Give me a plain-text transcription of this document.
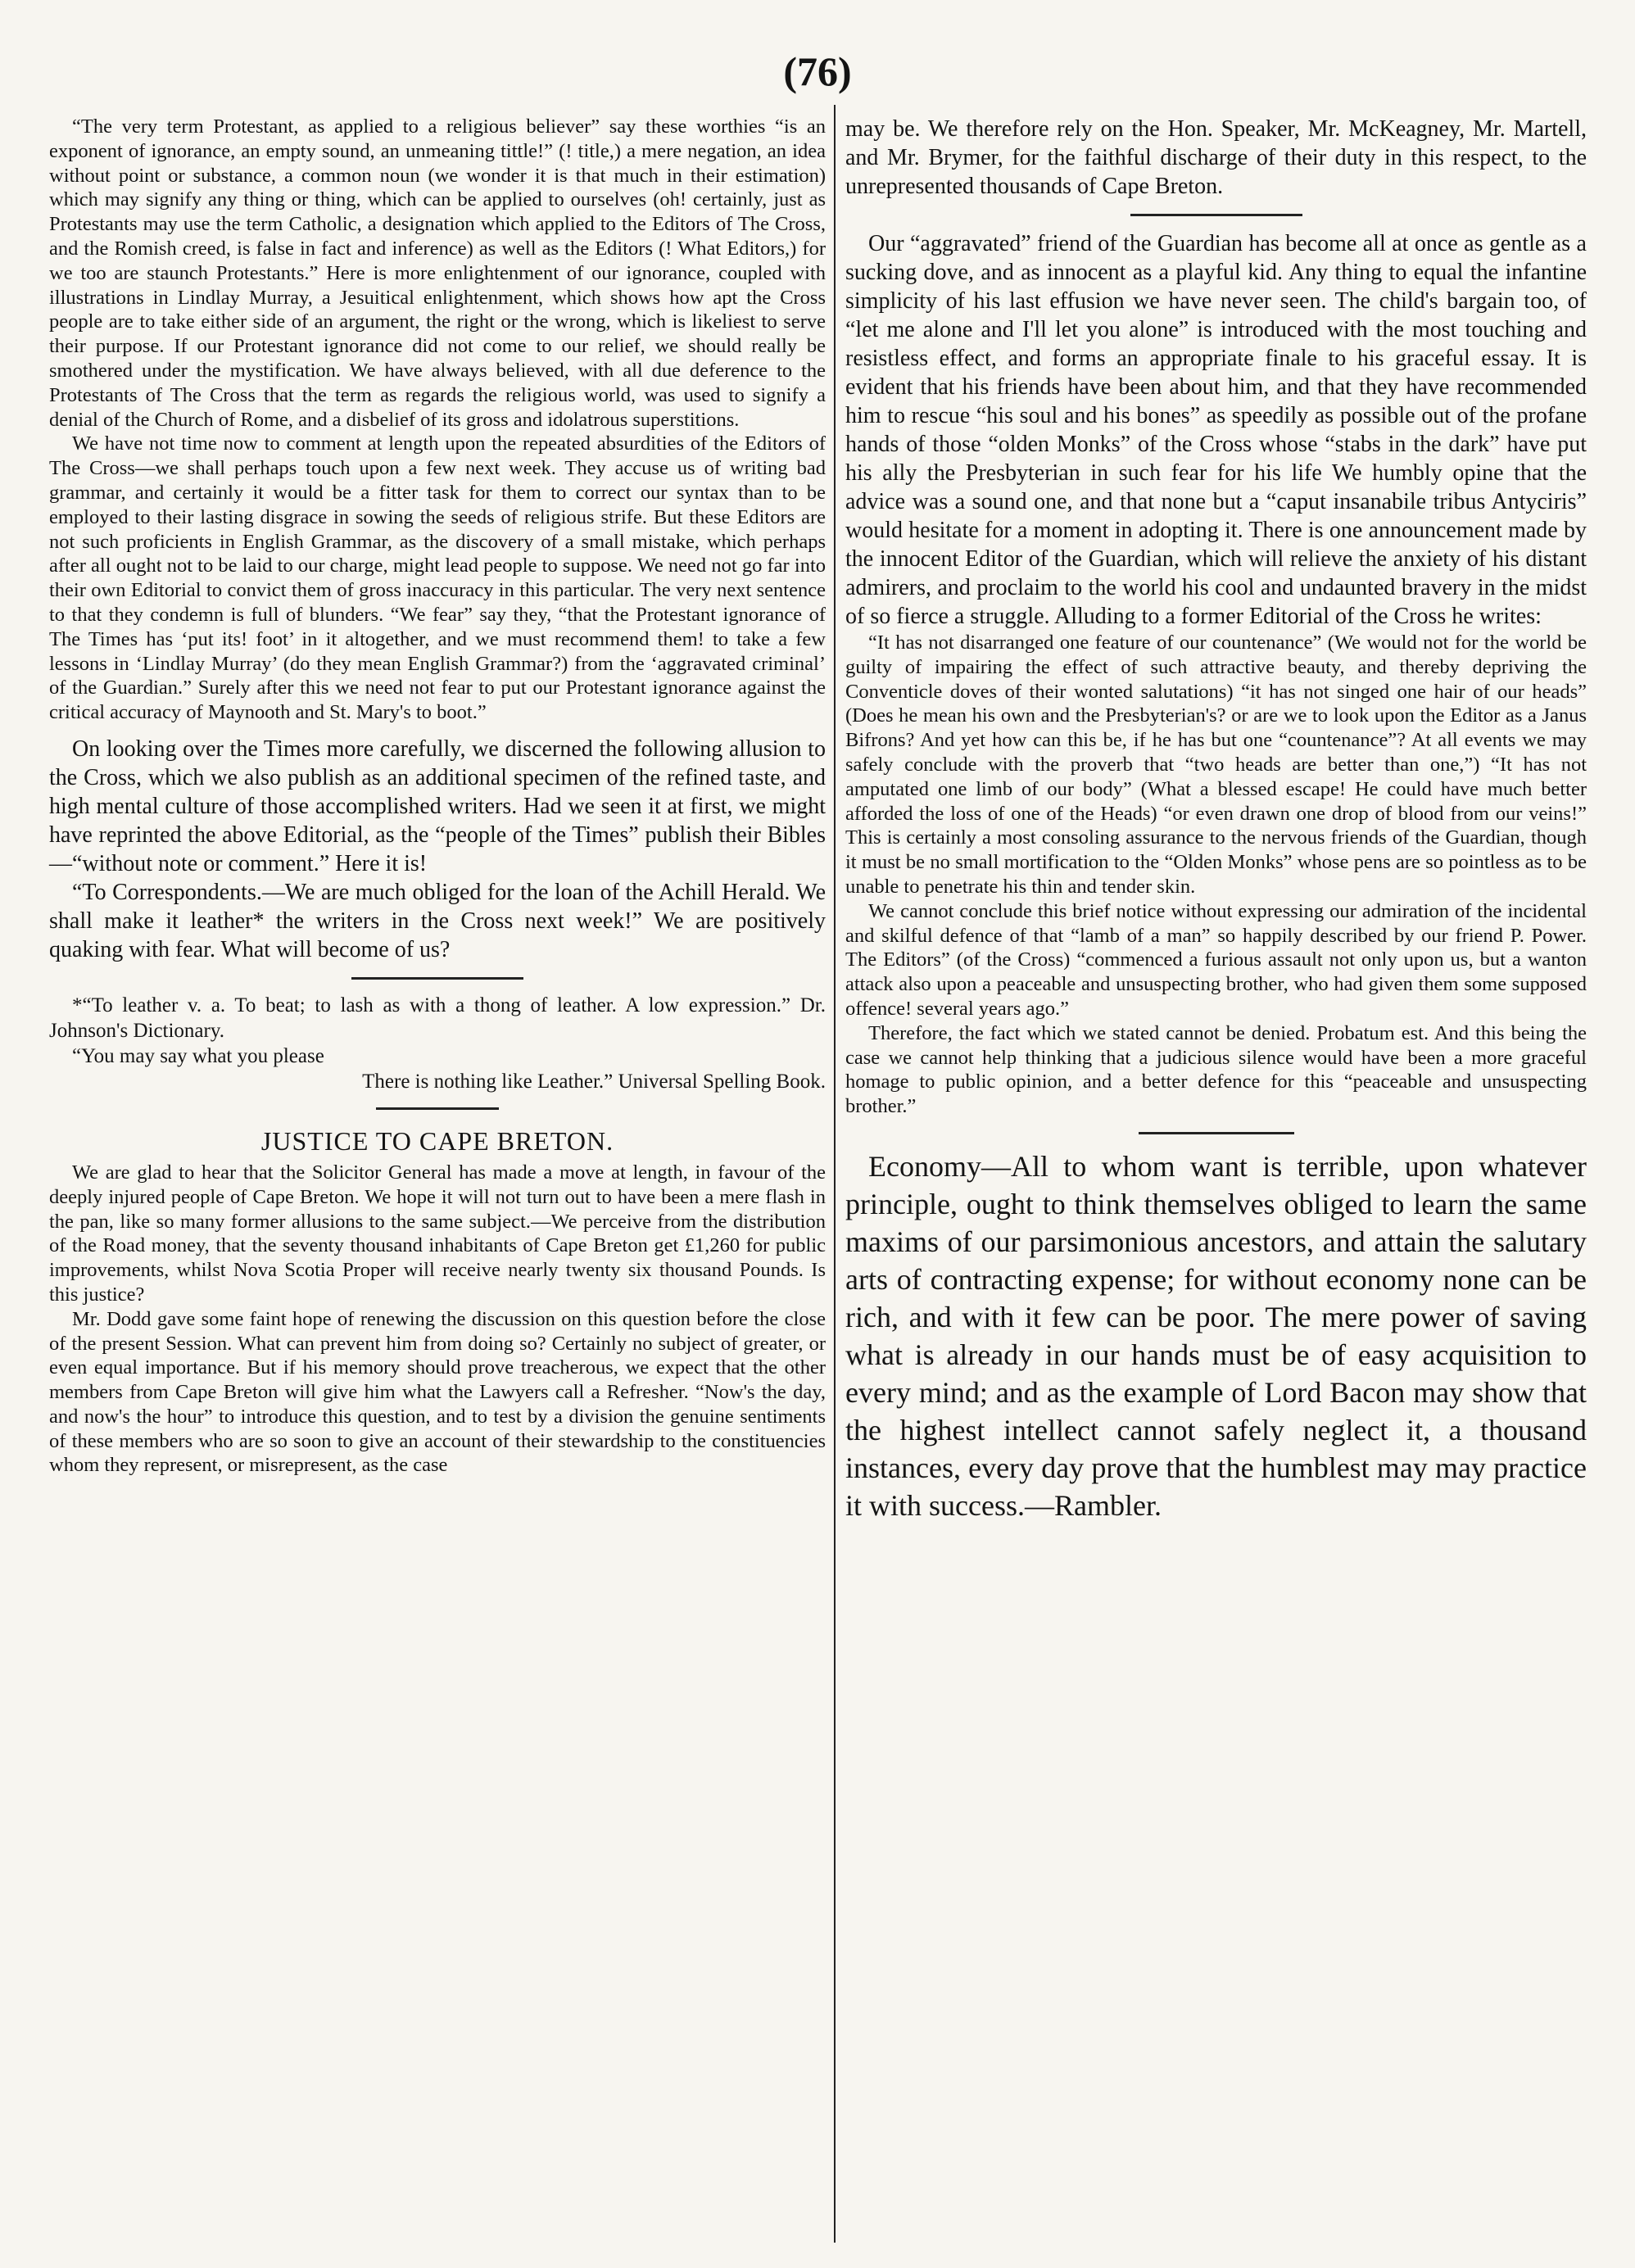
(76)

“The very term Protestant, as applied to a religious believer” say these worthies “is an exponent of ignorance, an empty sound, an unmeaning tittle!” (! title,) a mere negation, an idea without point or substance, a common noun (we wonder it is that much in their estimation) which may signify any thing or thing, which can be applied to ourselves (oh! certainly, just as Protestants may use the term Catholic, a designation which applied to the Editors of The Cross, and the Romish creed, is false in fact and inference) as well as the Editors (! What Editors,) for we too are staunch Protestants.” Here is more enlightenment of our ignorance, coupled with illustrations in Lindlay Murray, a Jesuitical enlightenment, which shows how apt the Cross people are to take either side of an argument, the right or the wrong, which is likeliest to serve their purpose. If our Protestant ignorance did not come to our relief, we should really be smothered under the mystification. We have always believed, with all due deference to the Protestants of The Cross that the term as regards the religious world, was used to signify a denial of the Church of Rome, and a disbelief of its gross and idolatrous superstitions.

We have not time now to comment at length upon the repeated absurdities of the Editors of The Cross—we shall perhaps touch upon a few next week. They accuse us of writing bad grammar, and certainly it would be a fitter task for them to correct our syntax than to be employed to their lasting disgrace in sowing the seeds of religious strife. But these Editors are not such proficients in English Grammar, as the discovery of a small mistake, which perhaps after all ought not to be laid to our charge, might lead people to suppose. We need not go far into their own Editorial to convict them of gross inaccuracy in this particular. The very next sentence to that they condemn is full of blunders. “We fear” say they, “that the Protestant ignorance of The Times has ‘put its! foot’ in it altogether, and we must recommend them! to take a few lessons in ‘Lindlay Murray’ (do they mean English Grammar?) from the ‘aggravated criminal’ of the Guardian.” Surely after this we need not fear to put our Protestant ignorance against the critical accuracy of Maynooth and St. Mary's to boot.”

On looking over the Times more carefully, we discerned the following allusion to the Cross, which we also publish as an additional specimen of the refined taste, and high mental culture of those accomplished writers. Had we seen it at first, we might have reprinted the above Editorial, as the “people of the Times” publish their Bibles—“without note or comment.” Here it is!

“To Correspondents.—We are much obliged for the loan of the Achill Herald. We shall make it leather* the writers in the Cross next week!” We are positively quaking with fear. What will become of us?

*“To leather v. a. To beat; to lash as with a thong of leather. A low expression.” Dr. Johnson's Dictionary.

“You may say what you please

There is nothing like Leather.” Universal Spelling Book.

JUSTICE TO CAPE BRETON.

We are glad to hear that the Solicitor General has made a move at length, in favour of the deeply injured people of Cape Breton. We hope it will not turn out to have been a mere flash in the pan, like so many former allusions to the same subject.—We perceive from the distribution of the Road money, that the seventy thousand inhabitants of Cape Breton get £1,260 for public improvements, whilst Nova Scotia Proper will receive nearly twenty six thousand Pounds. Is this justice?

Mr. Dodd gave some faint hope of renewing the discussion on this question before the close of the present Session. What can prevent him from doing so? Certainly no subject of greater, or even equal importance. But if his memory should prove treacherous, we expect that the other members from Cape Breton will give him what the Lawyers call a Refresher. “Now's the day, and now's the hour” to introduce this question, and to test by a division the genuine sentiments of these members who are so soon to give an account of their stewardship to the constituencies whom they represent, or misrepresent, as the case

may be. We therefore rely on the Hon. Speaker, Mr. McKeagney, Mr. Martell, and Mr. Brymer, for the faithful discharge of their duty in this respect, to the unrepresented thousands of Cape Breton.

Our “aggravated” friend of the Guardian has become all at once as gentle as a sucking dove, and as innocent as a playful kid. Any thing to equal the infantine simplicity of his last effusion we have never seen. The child's bargain too, of “let me alone and I'll let you alone” is introduced with the most touching and resistless effect, and forms an appropriate finale to his graceful essay. It is evident that his friends have been about him, and that they have recommended him to rescue “his soul and his bones” as speedily as possible out of the profane hands of those “olden Monks” of the Cross whose “stabs in the dark” have put his ally the Presbyterian in such fear for his life We humbly opine that the advice was a sound one, and that none but a “caput insanabile tribus Antyciris” would hesitate for a moment in adopting it. There is one announcement made by the innocent Editor of the Guardian, which will relieve the anxiety of his distant admirers, and proclaim to the world his cool and undaunted bravery in the midst of so fierce a struggle. Alluding to a former Editorial of the Cross he writes:

“It has not disarranged one feature of our countenance” (We would not for the world be guilty of impairing the effect of such attractive beauty, and thereby depriving the Conventicle doves of their wonted salutations) “it has not singed one hair of our heads” (Does he mean his own and the Presbyterian's? or are we to look upon the Editor as a Janus Bifrons? And yet how can this be, if he has but one “countenance”? At all events we may safely conclude with the proverb that “two heads are better than one,”) “It has not amputated one limb of our body” (What a blessed escape! He could have much better afforded the loss of one of the Heads) “or even drawn one drop of blood from our veins!” This is certainly a most consoling assurance to the nervous friends of the Guardian, though it must be no small mortification to the “Olden Monks” whose pens are so pointless as to be unable to penetrate his thin and tender skin.

We cannot conclude this brief notice without expressing our admiration of the incidental and skilful defence of that “lamb of a man” so happily described by our friend P. Power. The Editors” (of the Cross) “commenced a furious assault not only upon us, but a wanton attack also upon a peaceable and unsuspecting brother, who had given them some supposed offence! several years ago.”

Therefore, the fact which we stated cannot be denied. Probatum est. And this being the case we cannot help thinking that a judicious silence would have been a more graceful homage to public opinion, and a better defence for this “peaceable and unsuspecting brother.”

Economy—All to whom want is terrible, upon whatever principle, ought to think themselves obliged to learn the same maxims of our parsimonious ancestors, and attain the salutary arts of contracting expense; for without economy none can be rich, and with it few can be poor. The mere power of saving what is already in our hands must be of easy acquisition to every mind; and as the example of Lord Bacon may show that the highest intellect cannot safely neglect it, a thousand instances, every day prove that the humblest may may practice it with success.—Rambler.
